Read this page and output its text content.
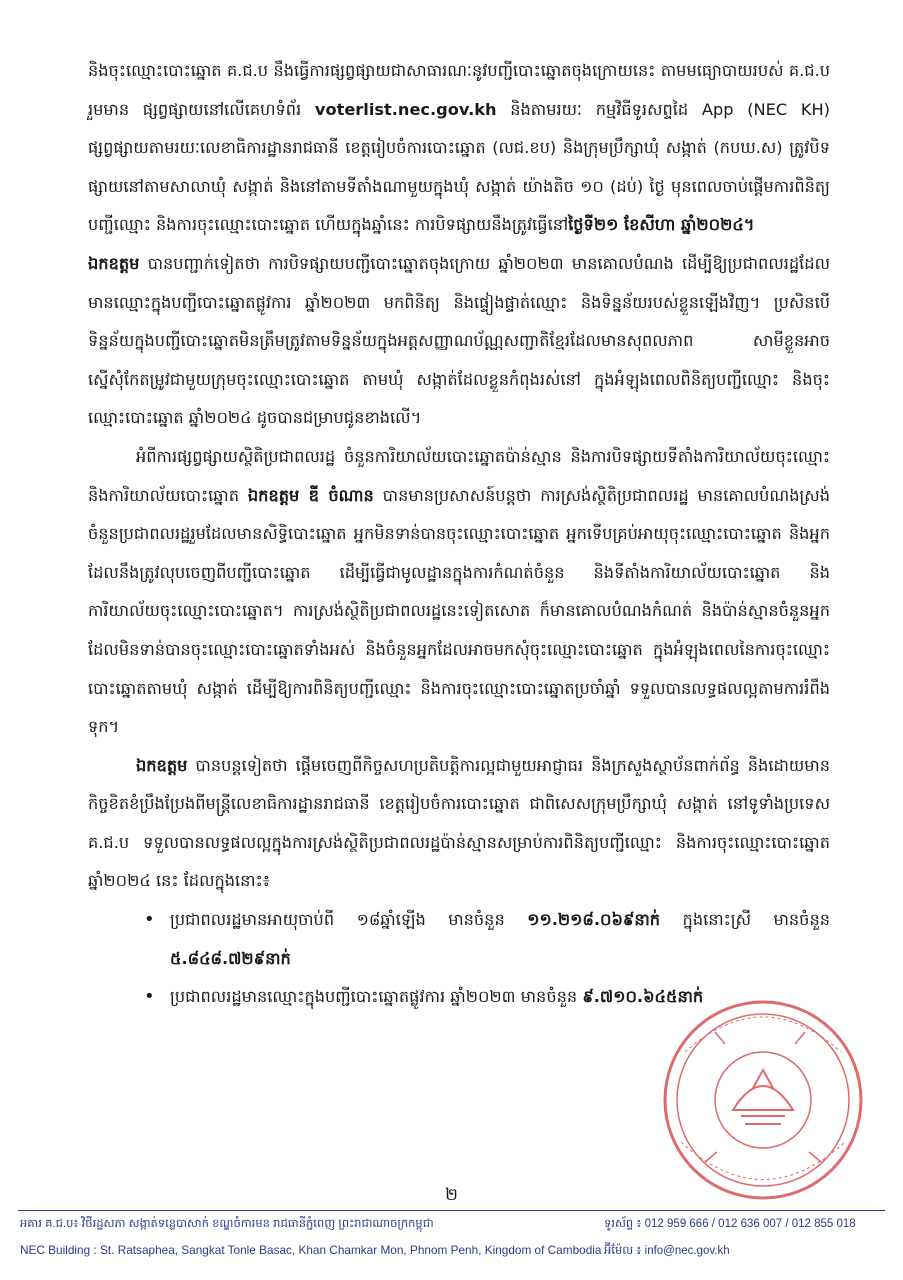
និងចុះឈ្មោះបោះឆ្នោត គ.ជ.ប នឹងធ្វើការផ្សព្វផ្សាយជាសាធារណៈនូវបញ្ជីបោះឆ្នោតចុងក្រោយនេះ តាមមធ្យោបាយរបស់ គ.ជ.បរួមមាន ផ្សព្វផ្សាយនៅលើគេហទំព័រ voterlist.nec.gov.kh និងតាមរយៈ កម្មវិធីទូរសព្ទដៃ App (NEC KH) ផ្សព្វផ្សាយតាមរយៈលេខាធិការដ្ឋានរាជធានី ខេត្តរៀបចំការបោះឆ្នោត (លជ.ខប) និងក្រុមប្រឹក្សាឃុំ សង្កាត់ (កបឃ.ស) ត្រូវបិទផ្សាយនៅតាមសាលាឃុំ សង្កាត់ និងនៅតាមទីតាំងណាមួយក្នុងឃុំ សង្កាត់ យ៉ាងតិច ១០ (ដប់) ថ្ងៃ មុនពេលចាប់ផ្តើមការពិនិត្យបញ្ជីឈ្មោះ និងការចុះឈ្មោះបោះឆ្នោត ហើយក្នុងឆ្នាំនេះ ការបិទផ្សាយនឹងត្រូវធ្វើនៅថ្ងៃទី២១ ខែសីហា ឆ្នាំ២០២៤។

ឯកឧត្តម បានបញ្ជាក់ទៀតថា ការបិទផ្សាយបញ្ជីបោះឆ្នោតចុងក្រោយ ឆ្នាំ២០២៣ មានគោលបំណង ដើម្បីឱ្យប្រជាពលរដ្ឋដែលមានឈ្មោះក្នុងបញ្ជីបោះឆ្នោតផ្លូវការ ឆ្នាំ២០២៣ មកពិនិត្យ និងផ្ទៀងផ្ទាត់ឈ្មោះ និងទិន្នន័យរបស់ខ្លួនឡើងវិញ។ ប្រសិនបើទិន្នន័យក្នុងបញ្ជីបោះឆ្នោតមិនត្រឹមត្រូវតាមទិន្នន័យក្នុងអត្តសញ្ញាណប័ណ្ណសញ្ជាតិខ្មែរដែលមានសុពលភាព សាមីខ្លួនអាចស្នើសុំកែតម្រូវជាមួយក្រុមចុះឈ្មោះបោះឆ្នោត តាមឃុំ សង្កាត់ដែលខ្លួនកំពុងរស់នៅ ក្នុងអំឡុងពេលពិនិត្យបញ្ជីឈ្មោះ និងចុះឈ្មោះបោះឆ្នោត ឆ្នាំ២០២៤ ដូចបានជម្រាបជូនខាងលើ។

អំពីការផ្សព្វផ្សាយស្ថិតិប្រជាពលរដ្ឋ ចំនួនការិយាល័យបោះឆ្នោតប៉ាន់ស្មាន និងការបិទផ្សាយទីតាំងការិយាល័យចុះឈ្មោះ និងការិយាល័យបោះឆ្នោត ឯកឧត្តម ឌី ចំណាន បានមានប្រសាសន៍បន្តថា ការស្រង់ស្ថិតិប្រជាពលរដ្ឋ មានគោលបំណងស្រង់ចំនួនប្រជាពលរដ្ឋរួមដែលមានសិទ្ធិបោះឆ្នោត អ្នកមិនទាន់បានចុះឈ្មោះបោះឆ្នោត អ្នកទើបគ្រប់អាយុចុះឈ្មោះបោះឆ្នោត និងអ្នកដែលនឹងត្រូវលុបចេញពីបញ្ជីបោះឆ្នោត ដើម្បីធ្វើជាមូលដ្ឋានក្នុងការកំណត់ចំនួន និងទីតាំងការិយាល័យបោះឆ្នោត និងការិយាល័យចុះឈ្មោះបោះឆ្នោត។ ការស្រង់ស្ថិតិប្រជាពលរដ្ឋនេះទៀតសោត ក៏មានគោលបំណងកំណត់ និងប៉ាន់ស្មានចំនួនអ្នកដែលមិនទាន់បានចុះឈ្មោះបោះឆ្នោតទាំងអស់ និងចំនួនអ្នកដែលអាចមកសុំចុះឈ្មោះបោះឆ្នោត ក្នុងអំឡុងពេលនៃការចុះឈ្មោះបោះឆ្នោតតាមឃុំ សង្កាត់ ដើម្បីឱ្យការពិនិត្យបញ្ជីឈ្មោះ និងការចុះឈ្មោះបោះឆ្នោតប្រចាំឆ្នាំ ទទួលបានលទ្ធផលល្អតាមការរំពឹងទុក។

ឯកឧត្តម បានបន្តទៀតថា ផ្តើមចេញពីកិច្ចសហប្រតិបត្តិការល្អជាមួយអាជ្ញាធរ និងក្រសួងស្ថាប័នពាក់ព័ន្ធ និងដោយមានកិច្ចខិតខំប្រឹងប្រែងពីមន្ត្រីលេខាធិការដ្ឋានរាជធានី ខេត្តរៀបចំការបោះឆ្នោត ជាពិសេសក្រុមប្រឹក្សាឃុំ សង្កាត់ នៅទូទាំងប្រទេស គ.ជ.ប ទទួលបានលទ្ធផលល្អក្នុងការស្រង់ស្ថិតិប្រជាពលរដ្ឋប៉ាន់ស្មានសម្រាប់ការពិនិត្យបញ្ជីឈ្មោះ និងការចុះឈ្មោះបោះឆ្នោត ឆ្នាំ២០២៤ នេះ ដែលក្នុងនោះ៖

• ប្រជាពលរដ្ឋមានអាយុចាប់ពី ១៨ឆ្នាំឡើង មានចំនួន ១១.២១៨.០៦៩នាក់ ក្នុងនោះស្រី មានចំនួន ៥.៨៤៨.៧២៩នាក់
• ប្រជាពលរដ្ឋមានឈ្មោះក្នុងបញ្ជីបោះឆ្នោតផ្លូវការ ឆ្នាំ២០២៣ មានចំនួន ៩.៧១០.៦៤៥នាក់
២
អគារ គ.ជ.ប៖ វិថីរដ្ឋសភា សង្កាត់ទន្លេបាសាក់ ខណ្ឌចំការមន រាជធានីភ្នំពេញ ព្រះរាជាណាចក្រកម្ពុជា
NEC Building : St. Ratsaphea, Sangkat Tonle Basac, Khan Chamkar Mon, Phnom Penh, Kingdom of Cambodia
ទូរស័ព្ទ ៖ 012 959 666 / 012 636 007 / 012 855 018
អ៊ីម៉ែល ៖ info@nec.gov.kh
